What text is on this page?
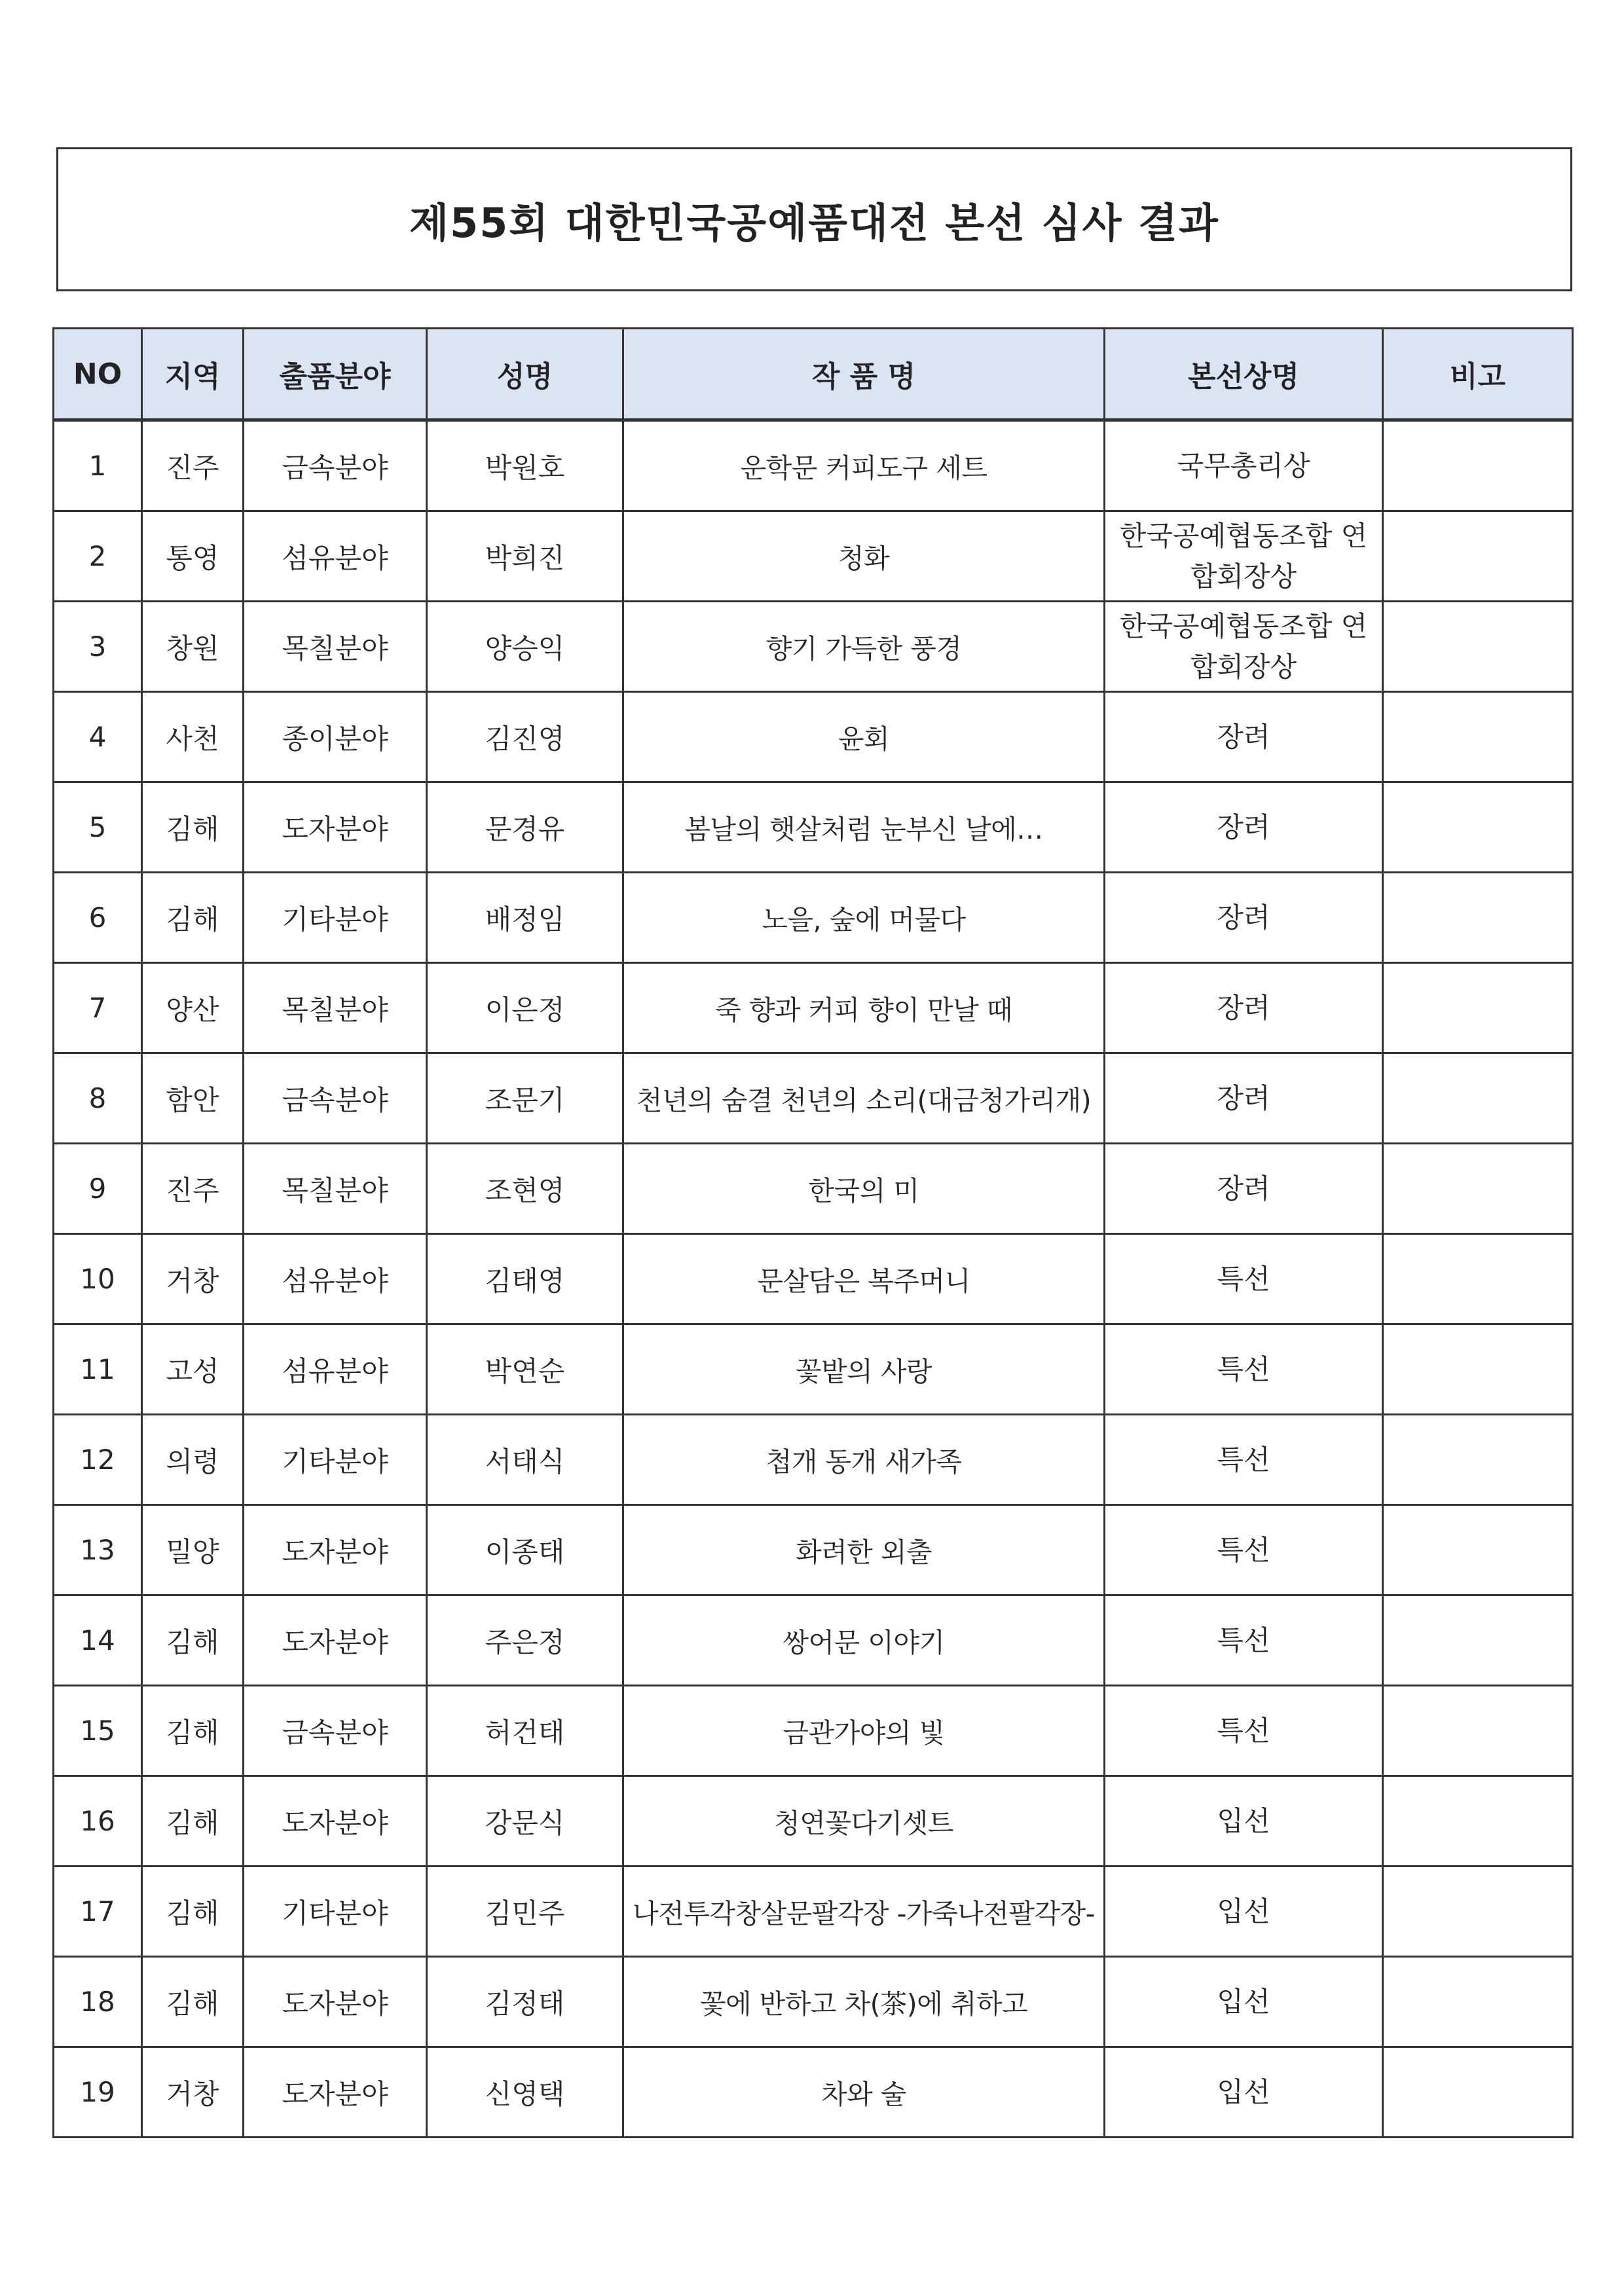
제55회 대한민국공예품대전 본선 심사 결과
NO	지역	출품분야	성명	작 품 명	본선상명	비고
1	진주	금속분야	박원호	운학문 커피도구 세트	국무총리상	
2	통영	섬유분야	박희진	청화	한국공예협동조합 연합회장상	
3	창원	목칠분야	양승익	향기 가득한 풍경	한국공예협동조합 연합회장상	
4	사천	종이분야	김진영	윤회	장려	
5	김해	도자분야	문경유	봄날의 햇살처럼 눈부신 날에…	장려	
6	김해	기타분야	배정임	노을, 숲에 머물다	장려	
7	양산	목칠분야	이은정	죽 향과 커피 향이 만날 때	장려	
8	함안	금속분야	조문기	천년의 숨결 천년의 소리(대금청가리개)	장려	
9	진주	목칠분야	조현영	한국의 미	장려	
10	거창	섬유분야	김태영	문살담은 복주머니	특선	
11	고성	섬유분야	박연순	꽃밭의 사랑	특선	
12	의령	기타분야	서태식	첩개 동개 새가족	특선	
13	밀양	도자분야	이종태	화려한 외출	특선	
14	김해	도자분야	주은정	쌍어문 이야기	특선	
15	김해	금속분야	허건태	금관가야의 빛	특선	
16	김해	도자분야	강문식	청연꽃다기셋트	입선	
17	김해	기타분야	김민주	나전투각창살문팔각장 -가죽나전팔각장-	입선	
18	김해	도자분야	김정태	꽃에 반하고 차(茶)에 취하고	입선	
19	거창	도자분야	신영택	차와 술	입선	
